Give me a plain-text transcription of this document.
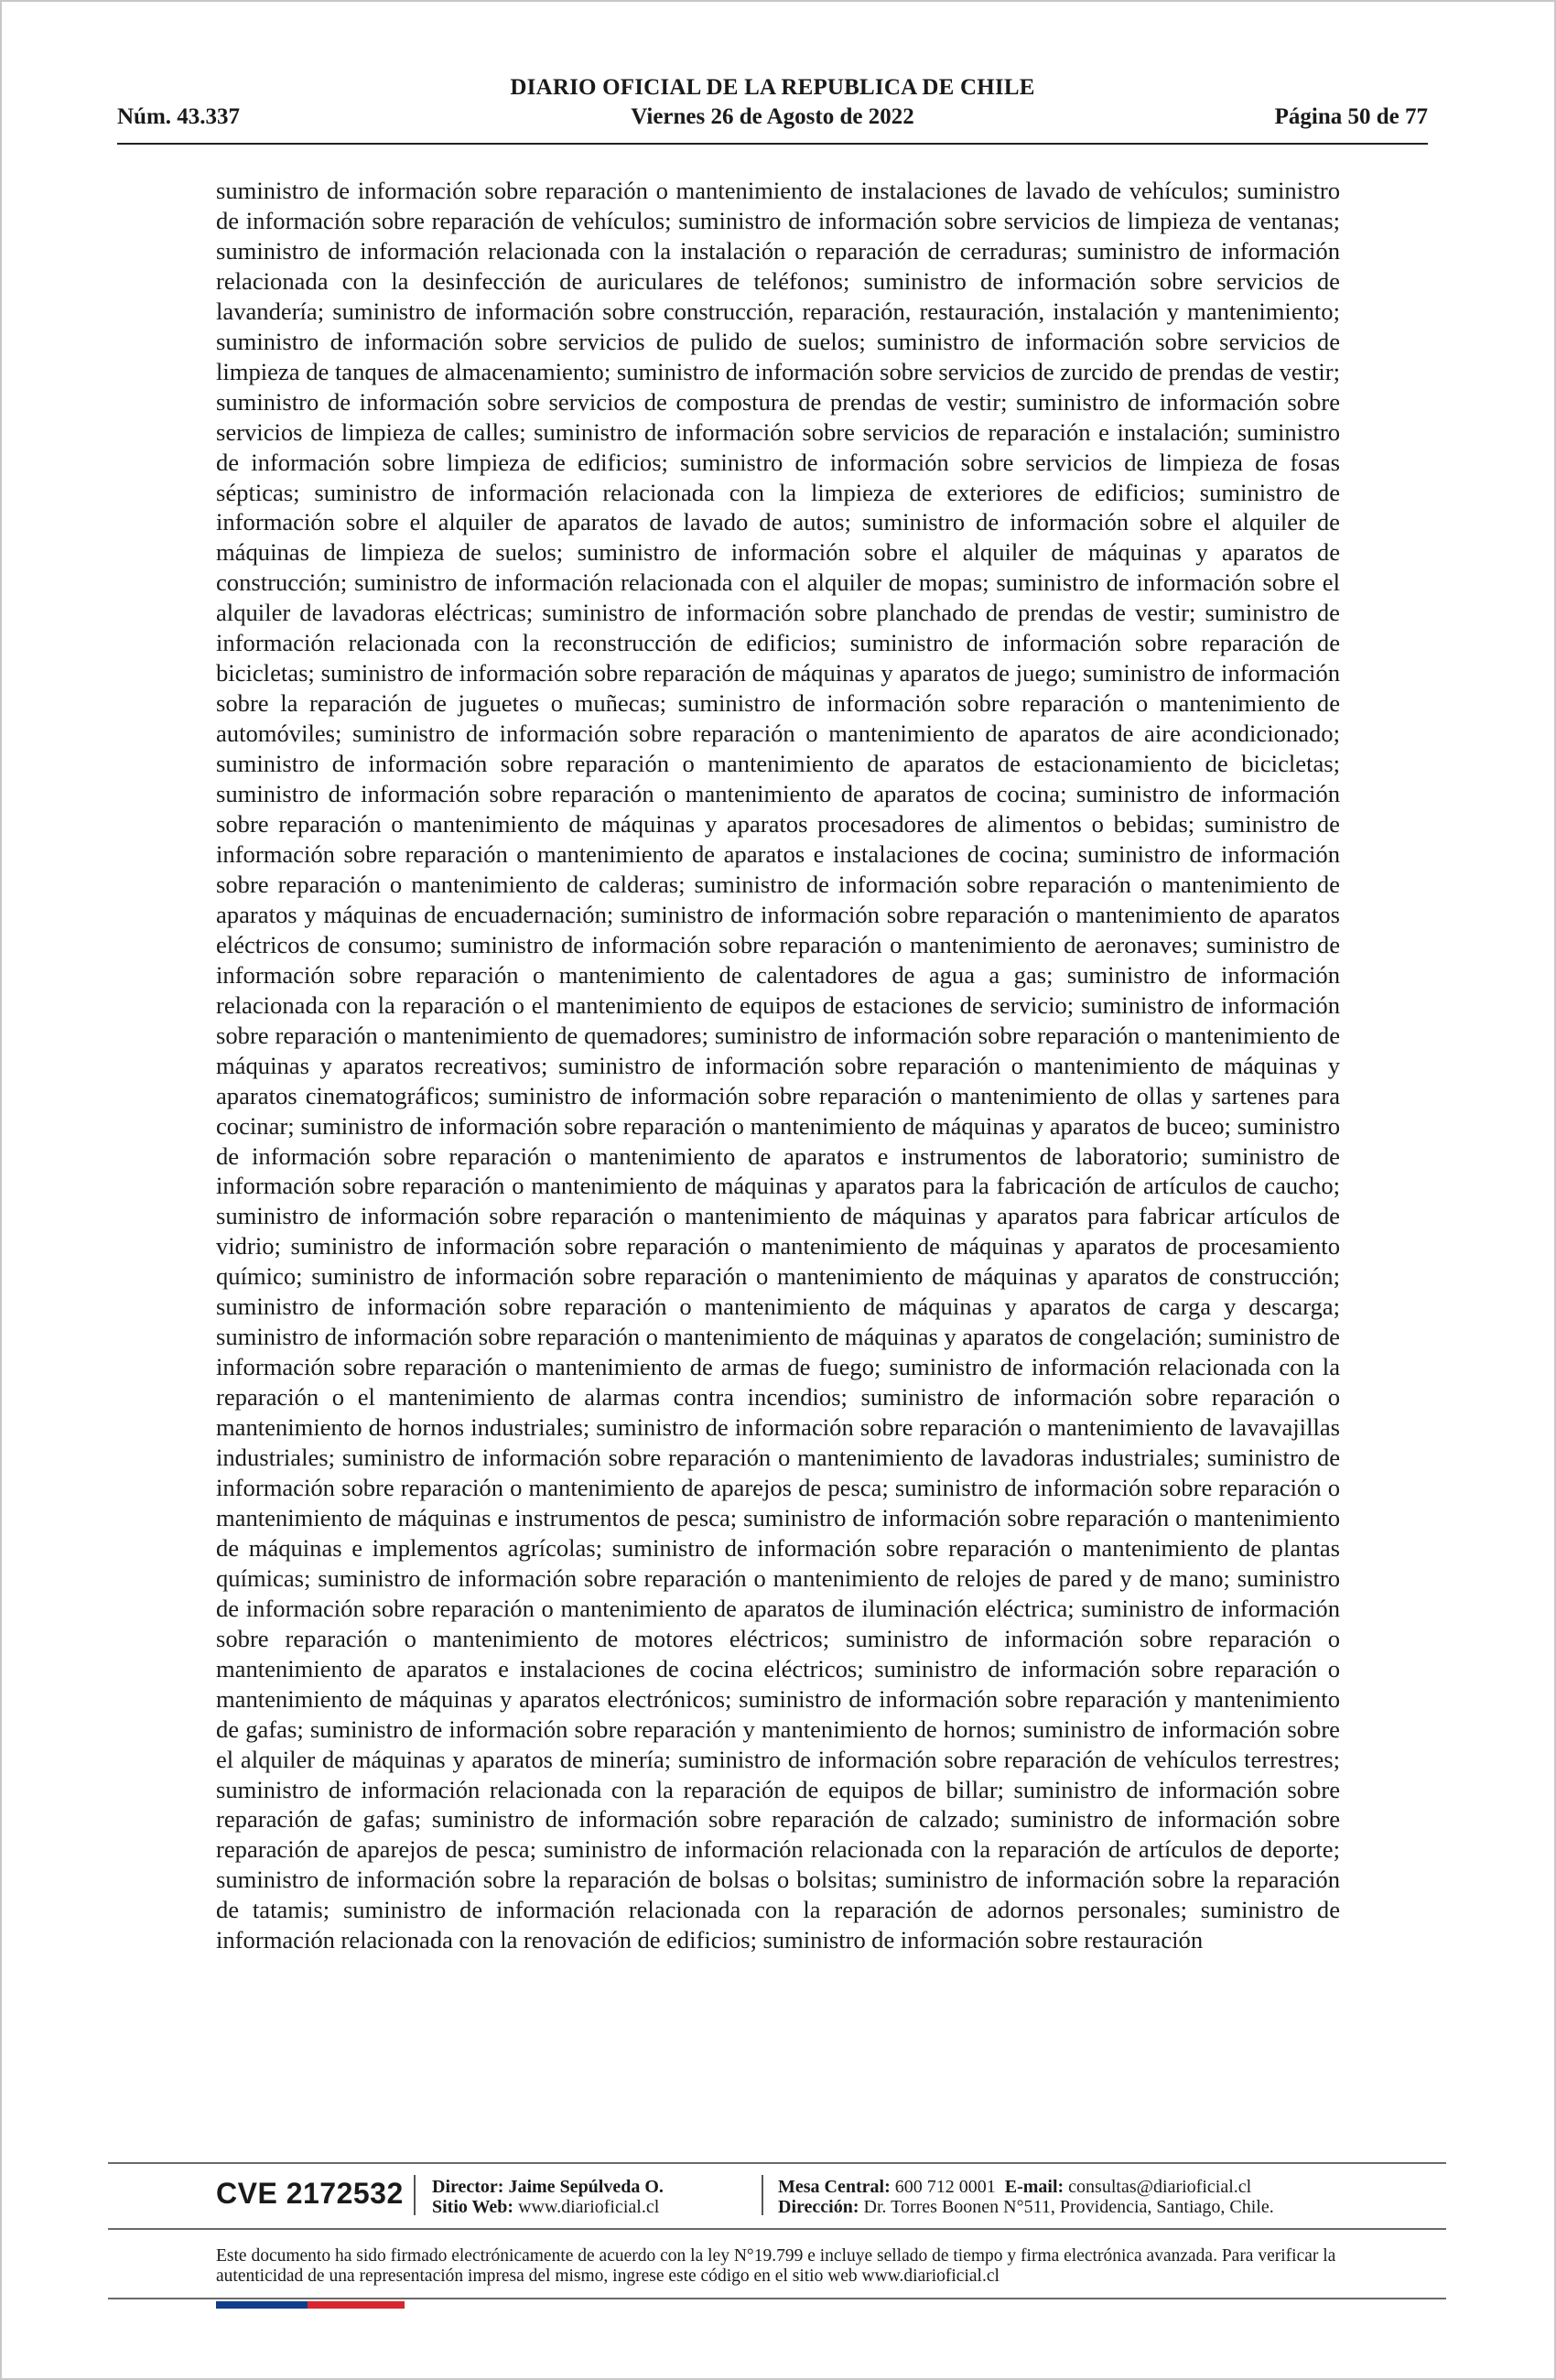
DIARIO OFICIAL DE LA REPUBLICA DE CHILE
Núm. 43.337	Viernes 26 de Agosto de 2022	Página 50 de 77
suministro de información sobre reparación o mantenimiento de instalaciones de lavado de vehículos; suministro de información sobre reparación de vehículos; suministro de información sobre servicios de limpieza de ventanas; suministro de información relacionada con la instalación o reparación de cerraduras; suministro de información relacionada con la desinfección de auriculares de teléfonos; suministro de información sobre servicios de lavandería; suministro de información sobre construcción, reparación, restauración, instalación y mantenimiento; suministro de información sobre servicios de pulido de suelos; suministro de información sobre servicios de limpieza de tanques de almacenamiento; suministro de información sobre servicios de zurcido de prendas de vestir; suministro de información sobre servicios de compostura de prendas de vestir; suministro de información sobre servicios de limpieza de calles; suministro de información sobre servicios de reparación e instalación; suministro de información sobre limpieza de edificios; suministro de información sobre servicios de limpieza de fosas sépticas; suministro de información relacionada con la limpieza de exteriores de edificios; suministro de información sobre el alquiler de aparatos de lavado de autos; suministro de información sobre el alquiler de máquinas de limpieza de suelos; suministro de información sobre el alquiler de máquinas y aparatos de construcción; suministro de información relacionada con el alquiler de mopas; suministro de información sobre el alquiler de lavadoras eléctricas; suministro de información sobre planchado de prendas de vestir; suministro de información relacionada con la reconstrucción de edificios; suministro de información sobre reparación de bicicletas; suministro de información sobre reparación de máquinas y aparatos de juego; suministro de información sobre la reparación de juguetes o muñecas; suministro de información sobre reparación o mantenimiento de automóviles; suministro de información sobre reparación o mantenimiento de aparatos de aire acondicionado; suministro de información sobre reparación o mantenimiento de aparatos de estacionamiento de bicicletas; suministro de información sobre reparación o mantenimiento de aparatos de cocina; suministro de información sobre reparación o mantenimiento de máquinas y aparatos procesadores de alimentos o bebidas; suministro de información sobre reparación o mantenimiento de aparatos e instalaciones de cocina; suministro de información sobre reparación o mantenimiento de calderas; suministro de información sobre reparación o mantenimiento de aparatos y máquinas de encuadernación; suministro de información sobre reparación o mantenimiento de aparatos eléctricos de consumo; suministro de información sobre reparación o mantenimiento de aeronaves; suministro de información sobre reparación o mantenimiento de calentadores de agua a gas; suministro de información relacionada con la reparación o el mantenimiento de equipos de estaciones de servicio; suministro de información sobre reparación o mantenimiento de quemadores; suministro de información sobre reparación o mantenimiento de máquinas y aparatos recreativos; suministro de información sobre reparación o mantenimiento de máquinas y aparatos cinematográficos; suministro de información sobre reparación o mantenimiento de ollas y sartenes para cocinar; suministro de información sobre reparación o mantenimiento de máquinas y aparatos de buceo; suministro de información sobre reparación o mantenimiento de aparatos e instrumentos de laboratorio; suministro de información sobre reparación o mantenimiento de máquinas y aparatos para la fabricación de artículos de caucho; suministro de información sobre reparación o mantenimiento de máquinas y aparatos para fabricar artículos de vidrio; suministro de información sobre reparación o mantenimiento de máquinas y aparatos de procesamiento químico; suministro de información sobre reparación o mantenimiento de máquinas y aparatos de construcción; suministro de información sobre reparación o mantenimiento de máquinas y aparatos de carga y descarga; suministro de información sobre reparación o mantenimiento de máquinas y aparatos de congelación; suministro de información sobre reparación o mantenimiento de armas de fuego; suministro de información relacionada con la reparación o el mantenimiento de alarmas contra incendios; suministro de información sobre reparación o mantenimiento de hornos industriales; suministro de información sobre reparación o mantenimiento de lavavajillas industriales; suministro de información sobre reparación o mantenimiento de lavadoras industriales; suministro de información sobre reparación o mantenimiento de aparejos de pesca; suministro de información sobre reparación o mantenimiento de máquinas e instrumentos de pesca; suministro de información sobre reparación o mantenimiento de máquinas e implementos agrícolas; suministro de información sobre reparación o mantenimiento de plantas químicas; suministro de información sobre reparación o mantenimiento de relojes de pared y de mano; suministro de información sobre reparación o mantenimiento de aparatos de iluminación eléctrica; suministro de información sobre reparación o mantenimiento de motores eléctricos; suministro de información sobre reparación o mantenimiento de aparatos e instalaciones de cocina eléctricos; suministro de información sobre reparación o mantenimiento de máquinas y aparatos electrónicos; suministro de información sobre reparación y mantenimiento de gafas; suministro de información sobre reparación y mantenimiento de hornos; suministro de información sobre el alquiler de máquinas y aparatos de minería; suministro de información sobre reparación de vehículos terrestres; suministro de información relacionada con la reparación de equipos de billar; suministro de información sobre reparación de gafas; suministro de información sobre reparación de calzado; suministro de información sobre reparación de aparejos de pesca; suministro de información relacionada con la reparación de artículos de deporte; suministro de información sobre la reparación de bolsas o bolsitas; suministro de información sobre la reparación de tatamis; suministro de información relacionada con la reparación de adornos personales; suministro de información relacionada con la renovación de edificios; suministro de información sobre restauración
CVE 2172532 Director: Jaime Sepúlveda O.
Sitio Web: www.diarioficial.cl
Mesa Central: 600 712 0001 E-mail: consultas@diarioficial.cl
Dirección: Dr. Torres Boonen N°511, Providencia, Santiago, Chile.
Este documento ha sido firmado electrónicamente de acuerdo con la ley N°19.799 e incluye sellado de tiempo y firma electrónica avanzada. Para verificar la autenticidad de una representación impresa del mismo, ingrese este código en el sitio web www.diarioficial.cl
